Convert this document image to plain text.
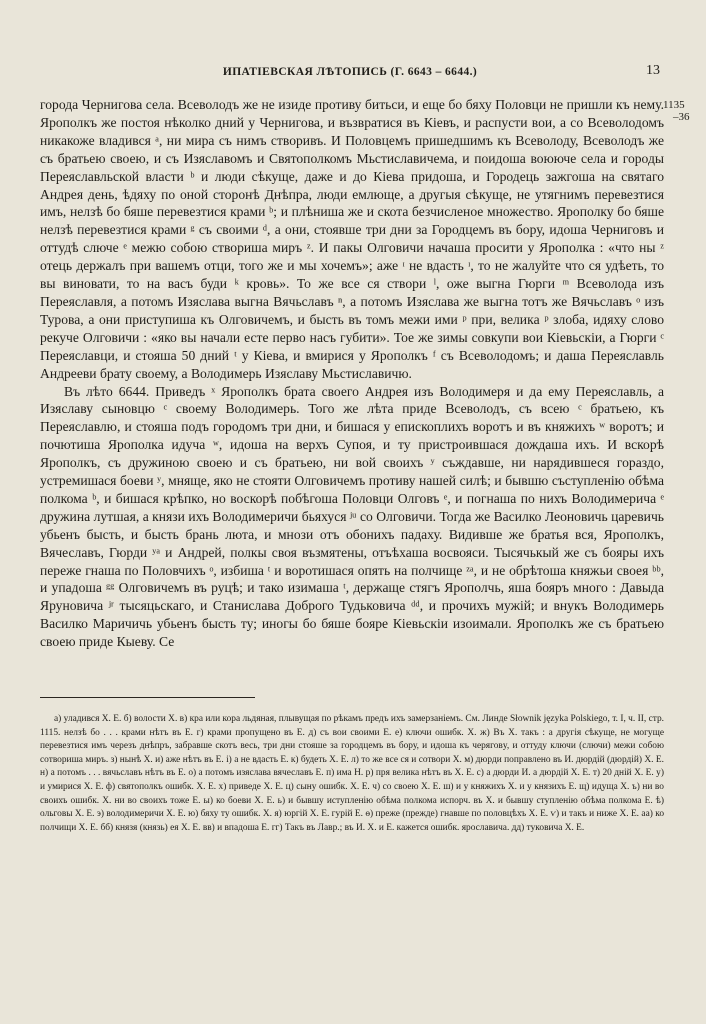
ИПАТІЕВСКАЯ ЛѢТОПИСЬ (Г. 6643 – 6644.)	13
1135
–36

города Чернигова села. Всеволодъ же не изиде противу битьси, и еще бо бяху Половци не пришли къ нему. Ярополкъ же постоя нѣколко дний у Чернигова, и възвратися въ Кіевъ, и распусти вои, а со Всеволодомъ никакоже владився ᵃ, ни мира съ нимъ створивъ. И Половцемъ пришедшимъ къ Всеволоду, Всеволодъ же съ братьею своею, и съ Изяславомъ и Святополкомъ Мьстиславичема, и поидоша воююче села и городы Переяславльской власти ᵇ и люди сѣкуще, даже и до Кіева придоша, и Городець зажгоша на святаго Андрея день, ѣдяху по оной сторонѣ Днѣпра, люди емлюще, а другыя сѣкуще, не утягнимъ перевезтися имъ, нелзѣ бо бяше перевезтися крами ᵇ; и плѣниша же и скота безчисленое множество. Ярополку бо бяше нелзѣ перевезтися крами ᵍ съ своими ᵈ, а они, стоявше три дни за Городцемъ въ бору, идоша Черниговъ и оттудѣ слюче ᵉ межю собою створиша миръ ᶻ. И пакы Олговичи начаша просити у Ярополка : «что ны ᶻ отець держалъ при вашемъ отци, того же и мы хочемъ»; аже ᶦ не вдасть ᶦ, то не жалуйте что ся удѣеть, то вы виновати, то на васъ буди ᵏ кровь». То же все ся створи ˡ, оже выгна Гюрги ᵐ Всеволода изъ Переяславля, а потомъ Изяслава выгна Вячьславъ ⁿ, а потомъ Изяслава же выгна тотъ же Вячьславъ ᵒ изъ Турова, а они приступиша къ Олговичемъ, и бысть въ томъ межи ими ᵖ при, великa ᵖ злоба, идяху слово рекуче Олговичи : «яко вы начали есте перво насъ губити». Тое же зимы совкупи вои Кіевьскіи, а Гюрги ᶜ Переяславци, и стояша 50 дний ᵗ у Кіева, и вмирися у Ярополкъ ᶠ съ Всеволодомъ; и даша Переяславль Андрееви брату своему, а Володимерь Изяславу Мьстиславичю.

Въ лѣто 6644. Приведъ ˣ Ярополкъ брата своего Андрея изъ Володимеря и да ему Переяславль, а Изяславу сыновцю ᶜ своему Володимерь. Того же лѣта приде Всеволодъ, съ всею ᶜ братьею, къ Переяславлю, и стояша подъ городомъ три дни, и бишася у епископлихъ воротъ и въ княжихъ ʷ воротъ; и почютиша Ярополка идуча ʷ, идоша на верхъ Супоя, и ту пристроившася дождаша ихъ. И вскорѣ Ярополкъ, съ дружиною своею и съ братьею, ни вой своихъ ʸ съждавше, ни нарядившеся гораздо, устремишася боеви ʸ, мняще, яко не стояти Олговичемъ противу нашей силѣ; и бывшю съступленію обѣма полкома ᵇ, и бишася крѣпко, но воскорѣ побѣгоша Половци Олговъ ᵉ, и погнаша по нихъ Володимерича ᵉ дружина лутшая, а князи ихъ Володимеричи бьяхуся ʲᵘ со Олговичи. Тогда же Василко Леоновичь царевичь убьенъ бысть, и бысть брань люта, и мнози отъ обонихъ падаху. Видивше же братья вся, Ярополкъ, Вячеславъ, Гюрди ʸᵃ и Андрей, полкы своя възмятены, отъѣхаша восвояси. Тысячькый же съ бояры ихъ переже гнаша по Половчихъ ᵒ, избиша ᵗ и воротишася опять на полчище ᶻᵃ, и не обрѣтоша княжьи своея ᵇᵇ, и упадоша ᵍᵍ Олговичемъ въ руцѣ; и тако изимаша ᵗ, держаще стягъ Ярополчь, яша бояръ много : Давыда Яруновича ʲʳ тысяцьскаго, и Станислава Доброго Тудьковича ᵈᵈ, и прочихъ мужій; и внукъ Володимерь Василко Маричичь убьенъ бысть ту; иногы бо бяше бояре Кіевьскіи изоимали. Ярополкъ же съ братьею своею приде Кыеву. Се

а) уладився Х. Е. б) волости Х. в) кра или кора льдяная, плывущая по рѣкамъ предъ ихъ замерзаніемъ. См. Линде Słownik języka Polskiego, т. I, ч. II, стр. 1115. нелзѣ бо . . . крами нѣтъ въ Е. г) крами пропущено въ Е. д) съ вои своими Е. е) ключи ошибк. Х. ж) Въ Х. такъ : а другія сѣкуще, не могуще перевезтися имъ черезъ днѣпръ, забравше скотъ весь, три дни стояше за городцемъ въ бору, и идоша къ черяговy, и оттуду ключи (слючи) межи собою сотвориша миръ. з) нынѣ Х. и) аже нѣтъ въ Е. і) а не вдасть Е. к) будеть Х. Е. л) то же все ся и сотвори Х. м) дюрди поправлено въ И. дюрдій (дюрдій) Х. Е. н) а потомъ . . . вячьславъ нѣтъ въ Е. о) а потомъ изяслава вячеславъ Е. п) има Н. р) пря велика нѣтъ въ Х. Е. с) а дюрди И. а дюрдій Х. Е. т) 20 дній Х. Е. у) и умирися Х. Е. ф) святополкъ ошибк. Х. Е. х) приведе Х. Е. ц) сыну ошибк. Х. Е. ч) со своею Х. Е. ш) и у княжихъ Х. и у князихъ Е. щ) идуща Х. ъ) ни во своихъ ошибк. Х. ни во своихъ тоже Е. ы) ко боеви Х. Е. ь) и бывшу иступленію обѣма полкома испорч. въ Х. и бывшу ступленію обѣма полкома Е. ѣ) ольговы Х. Е. э) володимеричи Х. Е. ю) бяху ту ошибк. Х. я) юргій Х. Е. гурій Е. ѳ) преже (прежде) гнавше по половцѣхъ Х. Е. ѵ) и такъ и ниже Х. Е. аа) ко полчищи Х. Е. бб) князя (князь) ея Х. Е. вв) и впадоша Е. гг) Такъ въ Лавр.; въ И. Х. и Е. кажется ошибк. ярославича. дд) туковича Х. Е.
